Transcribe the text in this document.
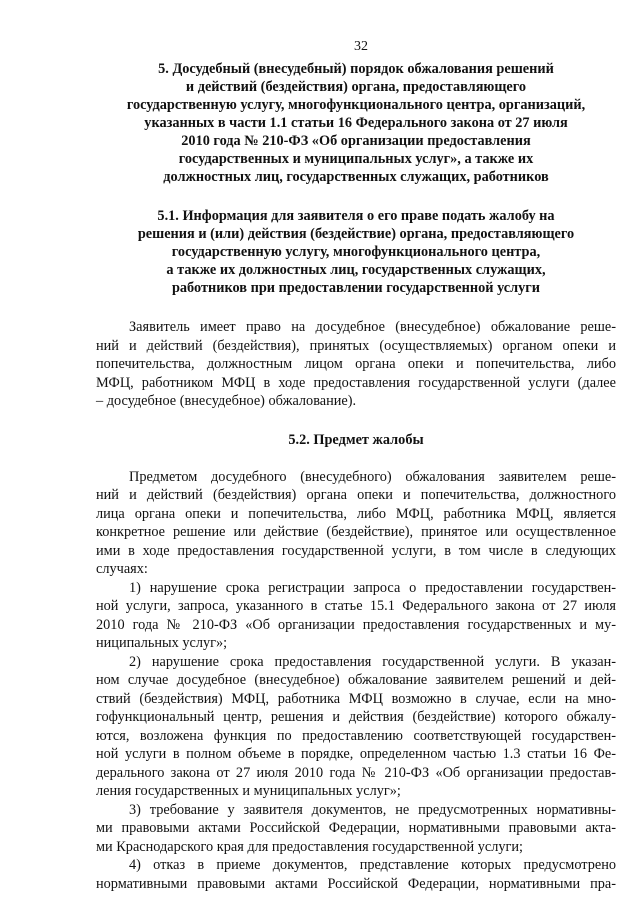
32
5. Досудебный (внесудебный) порядок обжалования решений
и действий (бездействия) органа, предоставляющего
государственную услугу, многофункционального центра, организаций,
указанных в части 1.1 статьи 16 Федерального закона от 27 июля
2010 года № 210-ФЗ «Об организации предоставления
государственных и муниципальных услуг», а также их
должностных лиц, государственных служащих, работников
5.1. Информация для заявителя о его праве подать жалобу на
решения и (или) действия (бездействие) органа, предоставляющего
государственную услугу, многофункционального центра,
а также их должностных лиц, государственных служащих,
работников при предоставлении государственной услуги

Заявитель имеет право на досудебное (внесудебное) обжалование реше-
ний и действий (бездействия), принятых (осуществляемых) органом опеки и
попечительства, должностным лицом органа опеки и попечительства, либо
МФЦ, работником МФЦ в ходе предоставления государственной услуги (далее
– досудебное (внесудебное) обжалование).

5.2. Предмет жалобы

Предметом досудебного (внесудебного) обжалования заявителем реше-
ний и действий (бездействия) органа опеки и попечительства, должностного
лица органа опеки и попечительства, либо МФЦ, работника МФЦ, является
конкретное решение или действие (бездействие), принятое или осуществленное
ими в ходе предоставления государственной услуги, в том числе в следующих
случаях:

1) нарушение срока регистрации запроса о предоставлении государствен-
ной услуги, запроса, указанного в статье 15.1 Федерального закона от 27 июля
2010 года № 210-ФЗ «Об организации предоставления государственных и му-
ниципальных услуг»;

2) нарушение срока предоставления государственной услуги. В указан-
ном случае досудебное (внесудебное) обжалование заявителем решений и дей-
ствий (бездействия) МФЦ, работника МФЦ возможно в случае, если на мно-
гофункциональный центр, решения и действия (бездействие) которого обжалу-
ются, возложена функция по предоставлению соответствующей государствен-
ной услуги в полном объеме в порядке, определенном частью 1.3 статьи 16 Фе-
дерального закона от 27 июля 2010 года № 210-ФЗ «Об организации предостав-
ления государственных и муниципальных услуг»;

3) требование у заявителя документов, не предусмотренных нормативны-
ми правовыми актами Российской Федерации, нормативными правовыми акта-
ми Краснодарского края для предоставления государственной услуги;

4) отказ в приеме документов, представление которых предусмотрено
нормативными правовыми актами Российской Федерации, нормативными пра-
